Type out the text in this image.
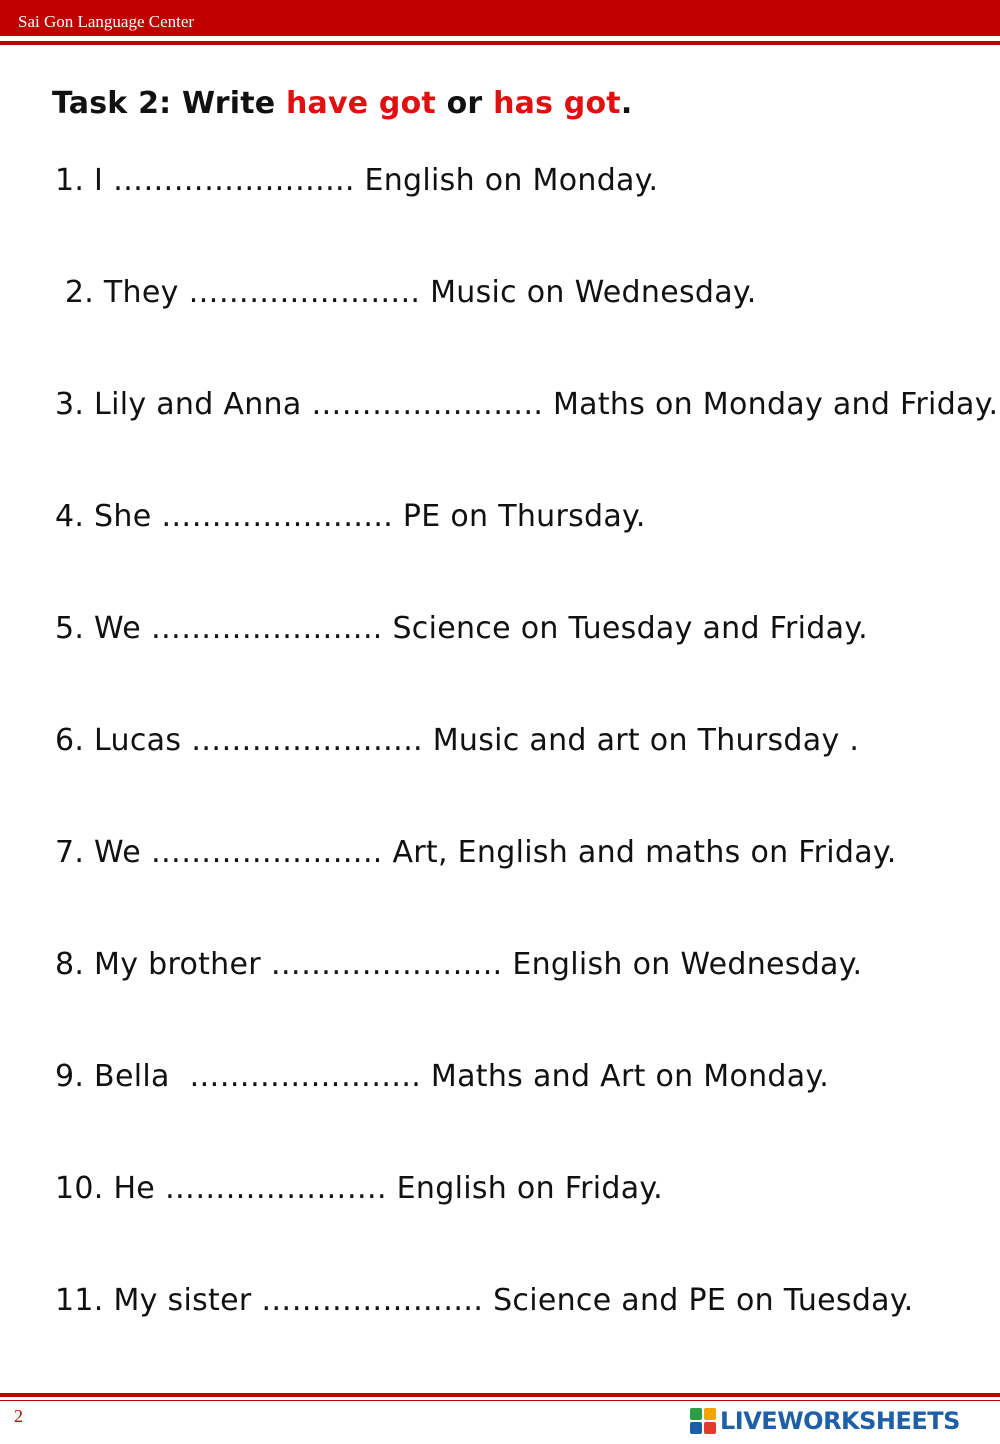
Sai Gon Language Center
Task 2: Write have got or has got.
1. I …………………... English on Monday.
2. They ………………….. Music on Wednesday.
3. Lily and Anna ………………….. Maths on Monday and Friday.
4. She ………………….. PE on Thursday.
5. We ………………….. Science on Tuesday and Friday.
6. Lucas ………………….. Music and art on Thursday .
7. We ………………….. Art, English and maths on Friday.
8. My brother ………………….. English on Wednesday.
9. Bella  ………………….. Maths and Art on Monday.
10. He …………………. English on Friday.
11. My sister …………………. Science and PE on Tuesday.
2	LIVEWORKSHEETS
